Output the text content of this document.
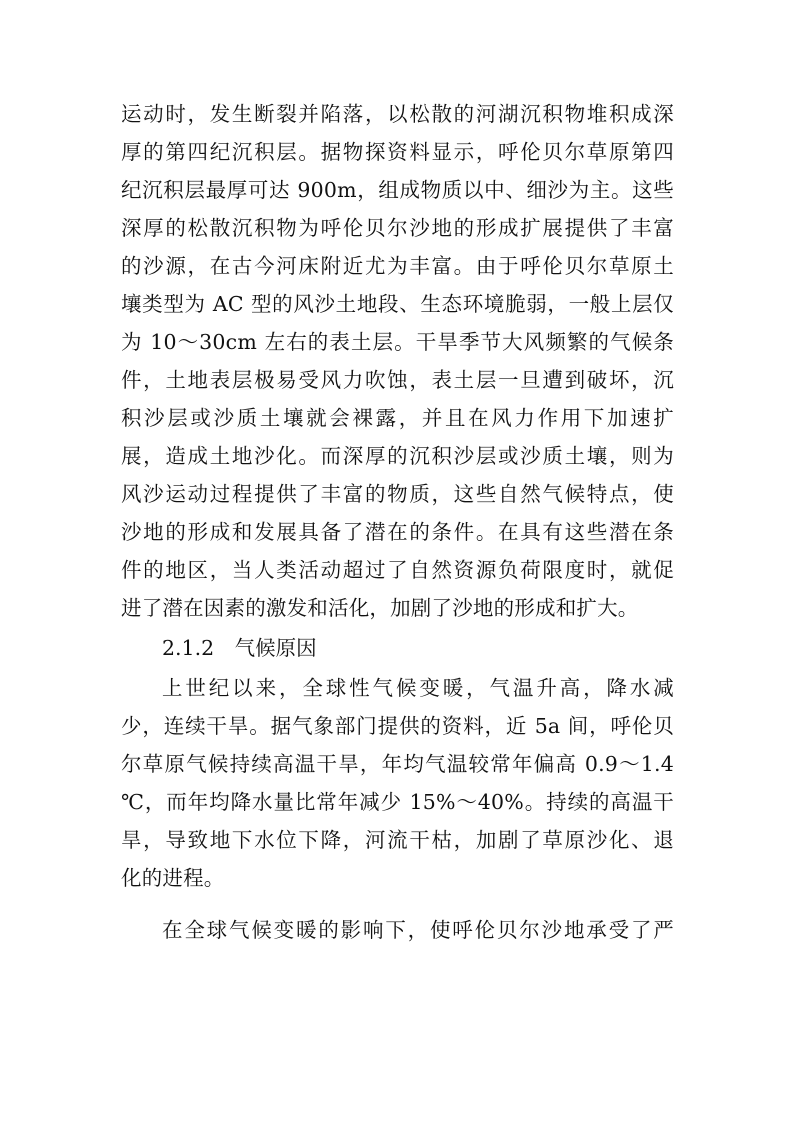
运动时，发生断裂并陷落，以松散的河湖沉积物堆积成深
厚的第四纪沉积层。据物探资料显示，呼伦贝尔草原第四
纪沉积层最厚可达 900m，组成物质以中、细沙为主。这些
深厚的松散沉积物为呼伦贝尔沙地的形成扩展提供了丰富
的沙源，在古今河床附近尤为丰富。由于呼伦贝尔草原土
壤类型为 AC 型的风沙土地段、生态环境脆弱，一般上层仅
为 10～30cm 左右的表土层。干旱季节大风频繁的气候条
件，土地表层极易受风力吹蚀，表土层一旦遭到破坏，沉
积沙层或沙质土壤就会裸露，并且在风力作用下加速扩
展，造成土地沙化。而深厚的沉积沙层或沙质土壤，则为
风沙运动过程提供了丰富的物质，这些自然气候特点，使
沙地的形成和发展具备了潜在的条件。在具有这些潜在条
件的地区，当人类活动超过了自然资源负荷限度时，就促
进了潜在因素的激发和活化，加剧了沙地的形成和扩大。
2.1.2　气候原因
上世纪以来，全球性气候变暖，气温升高，降水减
少，连续干旱。据气象部门提供的资料，近 5a 间，呼伦贝
尔草原气候持续高温干旱，年均气温较常年偏高 0.9～1.4
℃，而年均降水量比常年减少 15%～40%。持续的高温干
旱，导致地下水位下降，河流干枯，加剧了草原沙化、退
化的进程。
在全球气候变暖的影响下，使呼伦贝尔沙地承受了严
